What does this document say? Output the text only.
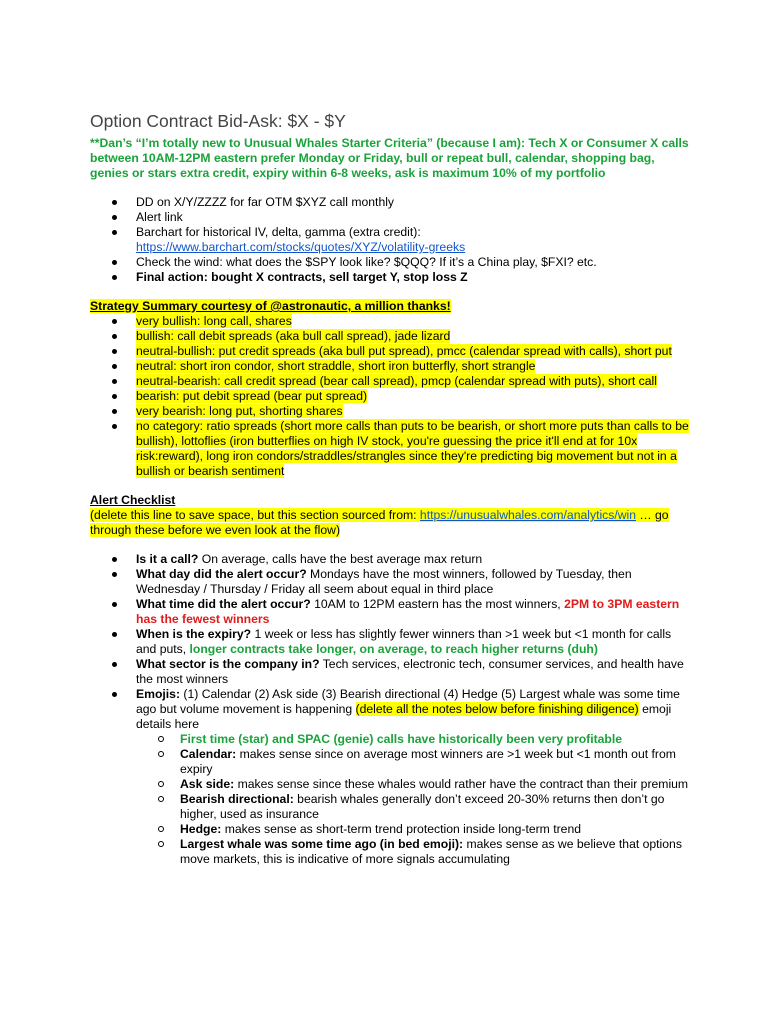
Option Contract Bid-Ask: $X - $Y
**Dan’s “I’m totally new to Unusual Whales Starter Criteria” (because I am): Tech X or Consumer X calls between 10AM-12PM eastern prefer Monday or Friday, bull or repeat bull, calendar, shopping bag, genies or stars extra credit, expiry within 6-8 weeks, ask is maximum 10% of my portfolio
DD on X/Y/ZZZZ for far OTM $XYZ call monthly
Alert link
Barchart for historical IV, delta, gamma (extra credit):
https://www.barchart.com/stocks/quotes/XYZ/volatility-greeks
Check the wind: what does the $SPY look like? $QQQ? If it’s a China play, $FXI? etc.
Final action: bought X contracts, sell target Y, stop loss Z
Strategy Summary courtesy of @astronautic, a million thanks!
very bullish: long call, shares
bullish: call debit spreads (aka bull call spread), jade lizard
neutral-bullish: put credit spreads (aka bull put spread), pmcc (calendar spread with calls), short put
neutral: short iron condor, short straddle, short iron butterfly, short strangle
neutral-bearish: call credit spread (bear call spread), pmcp (calendar spread with puts), short call
bearish: put debit spread (bear put spread)
very bearish: long put, shorting shares
no category: ratio spreads (short more calls than puts to be bearish, or short more puts than calls to be bullish), lottoflies (iron butterflies on high IV stock, you're guessing the price it'll end at for 10x risk:reward), long iron condors/straddles/strangles since they're predicting big movement but not in a bullish or bearish sentiment
Alert Checklist
(delete this line to save space, but this section sourced from: https://unusualwhales.com/analytics/win … go through these before we even look at the flow)
Is it a call? On average, calls have the best average max return
What day did the alert occur? Mondays have the most winners, followed by Tuesday, then Wednesday / Thursday / Friday all seem about equal in third place
What time did the alert occur? 10AM to 12PM eastern has the most winners, 2PM to 3PM eastern has the fewest winners
When is the expiry? 1 week or less has slightly fewer winners than >1 week but <1 month for calls and puts, longer contracts take longer, on average, to reach higher returns (duh)
What sector is the company in? Tech services, electronic tech, consumer services, and health have the most winners
Emojis: (1) Calendar (2) Ask side (3) Bearish directional (4) Hedge (5) Largest whale was some time ago but volume movement is happening (delete all the notes below before finishing diligence) emoji details here
First time (star) and SPAC (genie) calls have historically been very profitable
Calendar: makes sense since on average most winners are >1 week but <1 month out from expiry
Ask side: makes sense since these whales would rather have the contract than their premium
Bearish directional: bearish whales generally don’t exceed 20-30% returns then don’t go higher, used as insurance
Hedge: makes sense as short-term trend protection inside long-term trend
Largest whale was some time ago (in bed emoji): makes sense as we believe that options move markets, this is indicative of more signals accumulating
